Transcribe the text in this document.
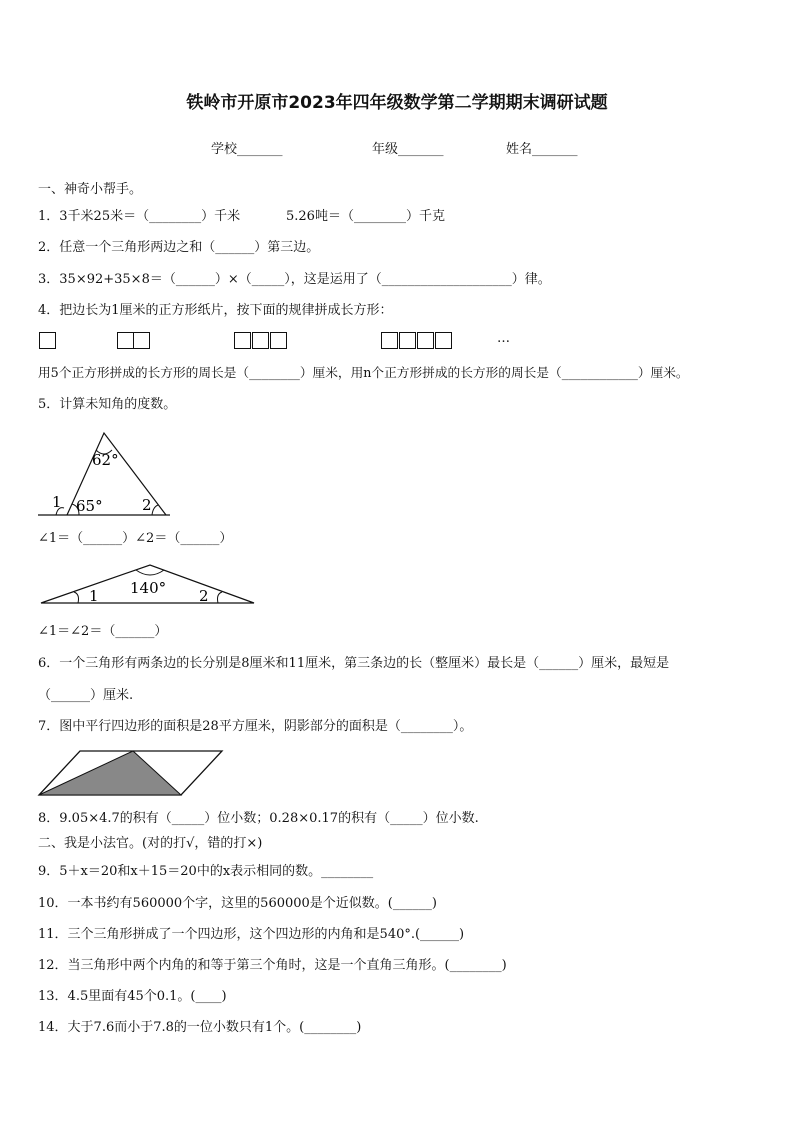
铁岭市开原市2023年四年级数学第二学期期末调研试题
学校_______	年级_______	姓名_______
一、神奇小帮手。
1．3千米25米＝（________）千米	5.26吨＝（________）千克
2．任意一个三角形两边之和（______）第三边。
3．35×92+35×8＝（______）×（_____），这是运用了（____________________）律。
4．把边长为1厘米的正方形纸片，按下面的规律拼成长方形：
…
用5个正方形拼成的长方形的周长是（________）厘米，用n个正方形拼成的长方形的周长是（____________）厘米。
5．计算未知角的度数。
62°
65°
1	2
∠1＝（______）∠2＝（______）
140°
1	2
∠1＝∠2＝（______）
6．一个三角形有两条边的长分别是8厘米和11厘米，第三条边的长（整厘米）最长是（______）厘米，最短是
（______）厘米.
7．图中平行四边形的面积是28平方厘米，阴影部分的面积是（________）。
8．9.05×4.7的积有（_____）位小数；0.28×0.17的积有（_____）位小数.
二、我是小法官。(对的打√，错的打×)
9．5＋x＝20和x＋15＝20中的x表示相同的数。________
10．一本书约有560000个字，这里的560000是个近似数。(______)
11．三个三角形拼成了一个四边形，这个四边形的内角和是540°.(______)
12．当三角形中两个内角的和等于第三个角时，这是一个直角三角形。(________)
13．4.5里面有45个0.1。(____)
14．大于7.6而小于7.8的一位小数只有1个。(________)
